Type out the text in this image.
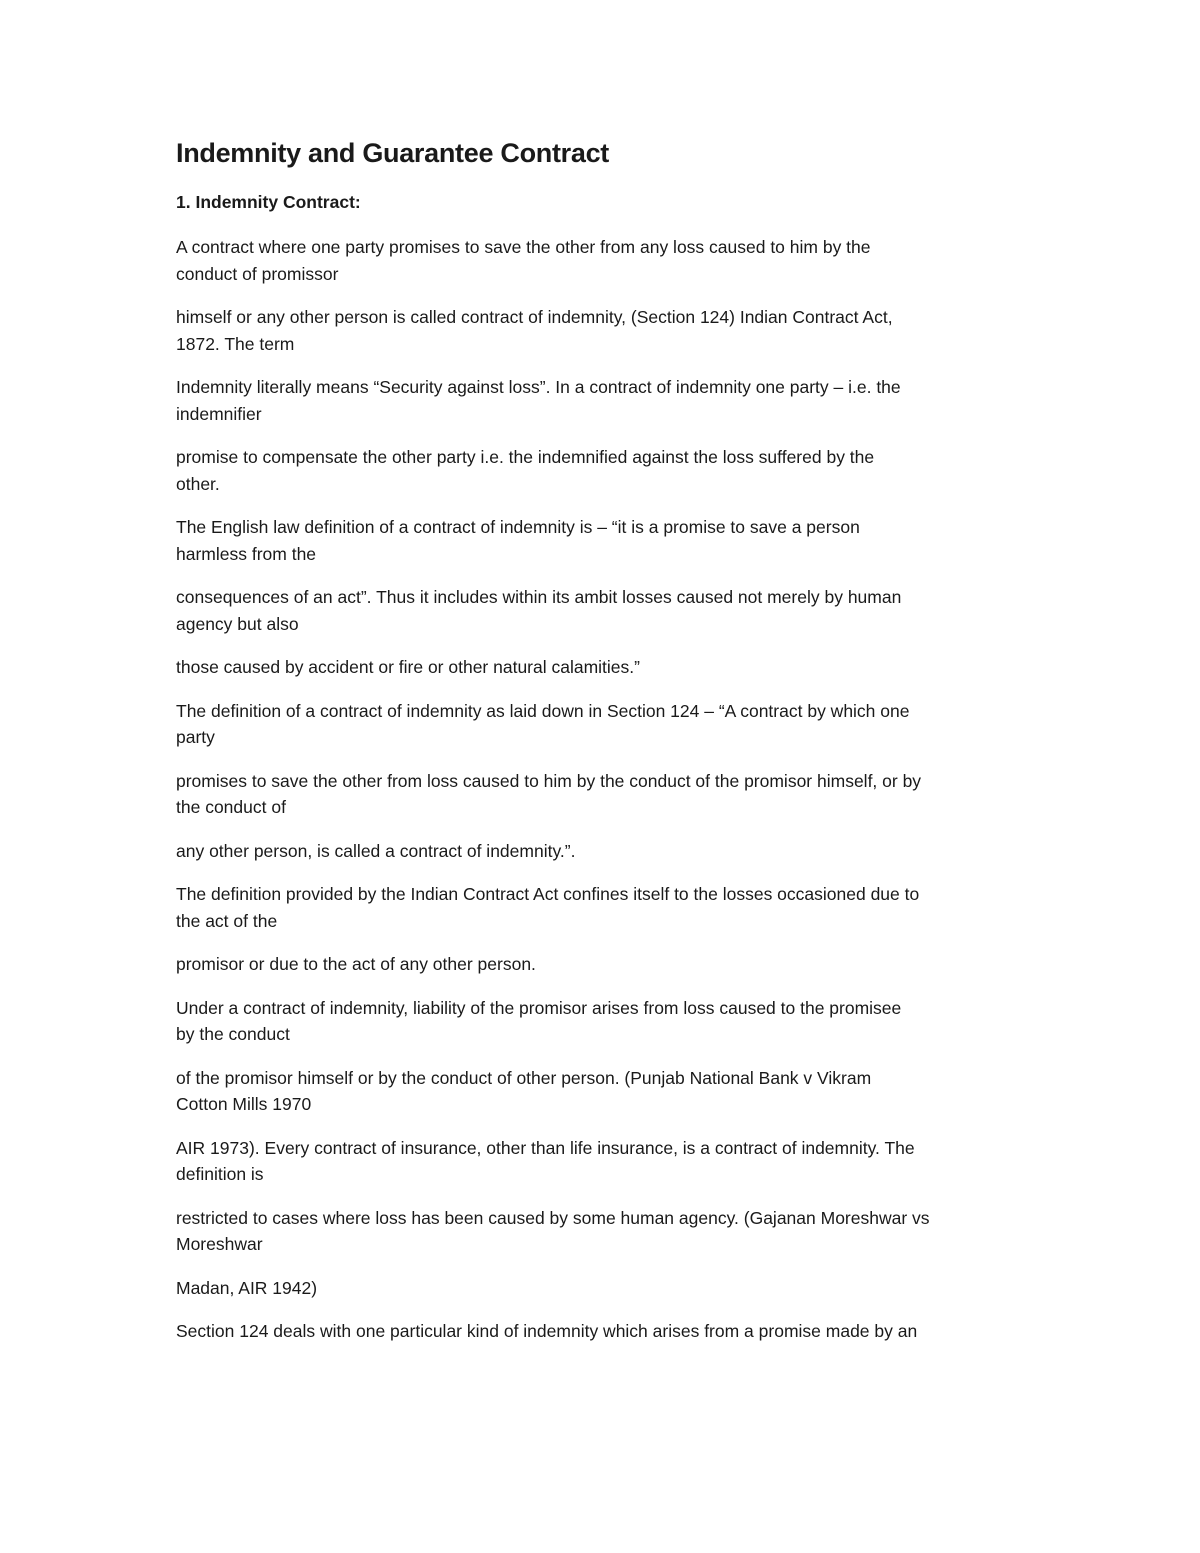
Indemnity and Guarantee Contract
1. Indemnity Contract:

A contract where one party promises to save the other from any loss caused to him by the
conduct of promissor

himself or any other person is called contract of indemnity, (Section 124) Indian Contract Act,
1872. The term

Indemnity literally means “Security against loss”. In a contract of indemnity one party – i.e. the
indemnifier

promise to compensate the other party i.e. the indemnified against the loss suffered by the
other.

The English law definition of a contract of indemnity is – “it is a promise to save a person
harmless from the

consequences of an act”. Thus it includes within its ambit losses caused not merely by human
agency but also

those caused by accident or fire or other natural calamities.”

The definition of a contract of indemnity as laid down in Section 124 – “A contract by which one
party

promises to save the other from loss caused to him by the conduct of the promisor himself, or by
the conduct of

any other person, is called a contract of indemnity.”.

The definition provided by the Indian Contract Act confines itself to the losses occasioned due to
the act of the

promisor or due to the act of any other person.

Under a contract of indemnity, liability of the promisor arises from loss caused to the promisee
by the conduct

of the promisor himself or by the conduct of other person. (Punjab National Bank v Vikram
Cotton Mills 1970

AIR 1973). Every contract of insurance, other than life insurance, is a contract of indemnity. The
definition is

restricted to cases where loss has been caused by some human agency. (Gajanan Moreshwar vs
Moreshwar

Madan, AIR 1942)

Section 124 deals with one particular kind of indemnity which arises from a promise made by an
